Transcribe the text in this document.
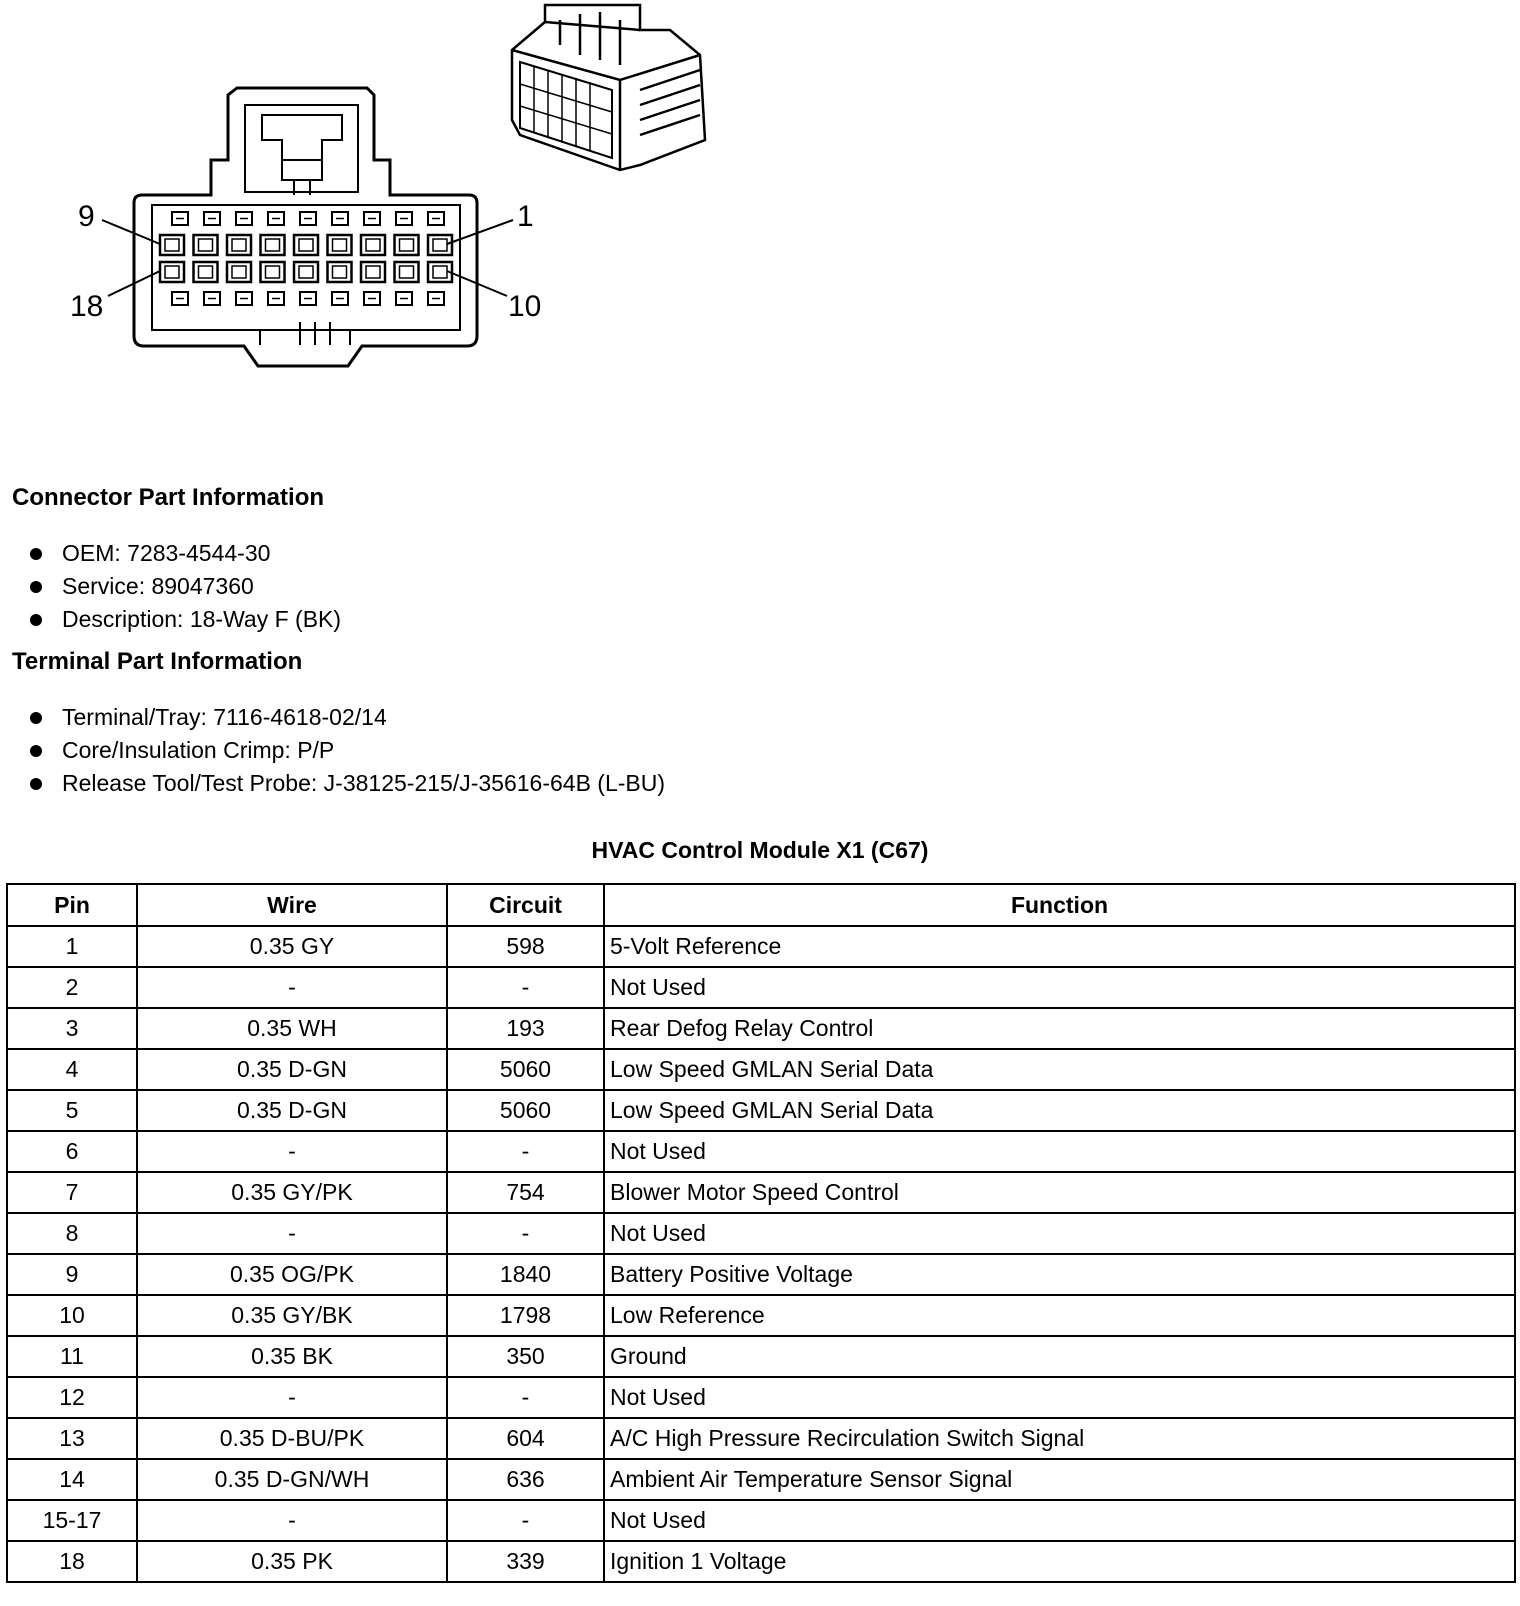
9	1
18	10
Connector Part Information
OEM: 7283-4544-30
Service: 89047360
Description: 18-Way F (BK)
Terminal Part Information
Terminal/Tray: 7116-4618-02/14
Core/Insulation Crimp: P/P
Release Tool/Test Probe: J-38125-215/J-35616-64B (L-BU)
HVAC Control Module X1 (C67)
Pin	Wire	Circuit	Function
1	0.35 GY	598	5-Volt Reference
2	-	-	Not Used
3	0.35 WH	193	Rear Defog Relay Control
4	0.35 D-GN	5060	Low Speed GMLAN Serial Data
5	0.35 D-GN	5060	Low Speed GMLAN Serial Data
6	-	-	Not Used
7	0.35 GY/PK	754	Blower Motor Speed Control
8	-	-	Not Used
9	0.35 OG/PK	1840	Battery Positive Voltage
10	0.35 GY/BK	1798	Low Reference
11	0.35 BK	350	Ground
12	-	-	Not Used
13	0.35 D-BU/PK	604	A/C High Pressure Recirculation Switch Signal
14	0.35 D-GN/WH	636	Ambient Air Temperature Sensor Signal
15-17	-	-	Not Used
18	0.35 PK	339	Ignition 1 Voltage
